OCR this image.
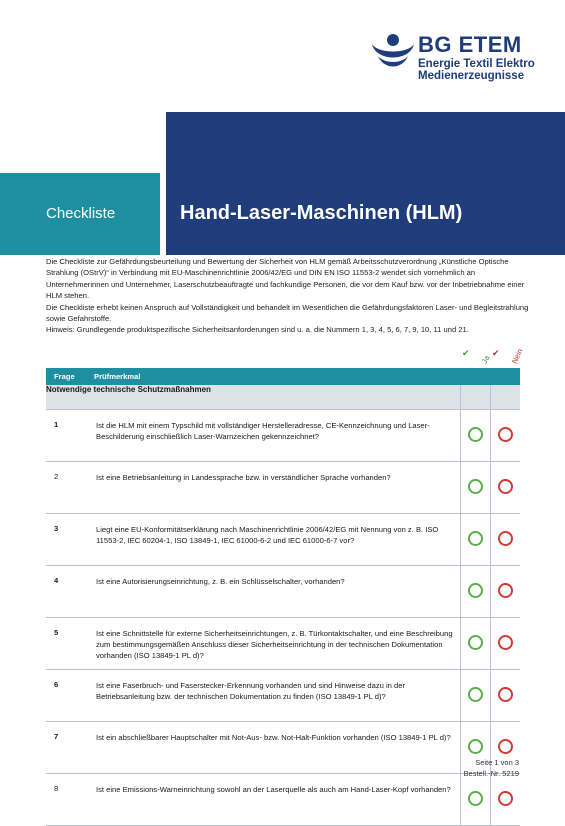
BG ETEM
Energie Textil Elektro
Medienerzeugnisse
Checkliste	Hand-Laser-Maschinen (HLM)

Die Checkliste zur Gefährdungsbeurteilung und Bewertung der Sicherheit von HLM gemäß Arbeitsschutzverordnung „Künstliche Optische Strahlung (OStrV)“ in Verbindung mit EU-Maschinenrichtlinie 2006/42/EG und DIN EN ISO 11553-2 wendet sich vornehmlich an Unternehmerinnen und Unternehmer, Laserschutzbeauftragte und fachkundige Personen, die vor dem Kauf bzw. vor der Inbetriebnahme einer HLM stehen.

Die Checkliste erhebt keinen Anspruch auf Vollständigkeit und behandelt im Wesentlichen die Gefährdungsfaktoren Laser- und Begleitstrahlung sowie Gefahrstoffe.

Hinweis: Grundlegende produktspezifische Sicherheitsanforderungen sind u. a. die Nummern 1, 3, 4, 5, 6, 7, 9, 10, 11 und 21.

Ja Nein
✔ ✔
Frage	Prüfmerkmal		
Notwendige technische Schutzmaßnahmen			
1	Ist die HLM mit einem Typschild mit vollständiger Herstelleradresse, CE-Kennzeichnung und Laser-Beschilderung einschließlich Laser-Warnzeichen gekennzeichnet?		
2	Ist eine Betriebsanleitung in Landessprache bzw. in verständlicher Sprache vorhanden?		
3	Liegt eine EU-Konformitätserklärung nach Maschinenrichtlinie 2006/42/EG mit Nennung von z. B. ISO 11553-2, IEC 60204-1, ISO 13849-1, IEC 61000-6-2 und IEC 61000-6-7 vor?		
4	Ist eine Autorisierungseinrichtung, z. B. ein Schlüsselschalter, vorhanden?		
5	Ist eine Schnittstelle für externe Sicherheitseinrichtungen, z. B. Türkontaktschalter, und eine Beschreibung zum bestimmungsgemäßen Anschluss dieser Sicherheitseinrichtung in der technischen Dokumentation vorhanden (ISO 13849-1 PL d)?		
6	Ist eine Faserbruch- und Faserstecker-Erkennung vorhanden und sind Hinweise dazu in der Betriebsanleitung bzw. der technischen Dokumentation zu finden (ISO 13849-1 PL d)?		
7	Ist ein abschließbarer Hauptschalter mit Not-Aus- bzw. Not-Halt-Funktion vorhanden (ISO 13849-1 PL d)?		
8	Ist eine Emissions-Warneinrichtung sowohl an der Laserquelle als auch am Hand-Laser-Kopf vorhanden?		
Seite 1 von 3
Bestell.-Nr. 5219
